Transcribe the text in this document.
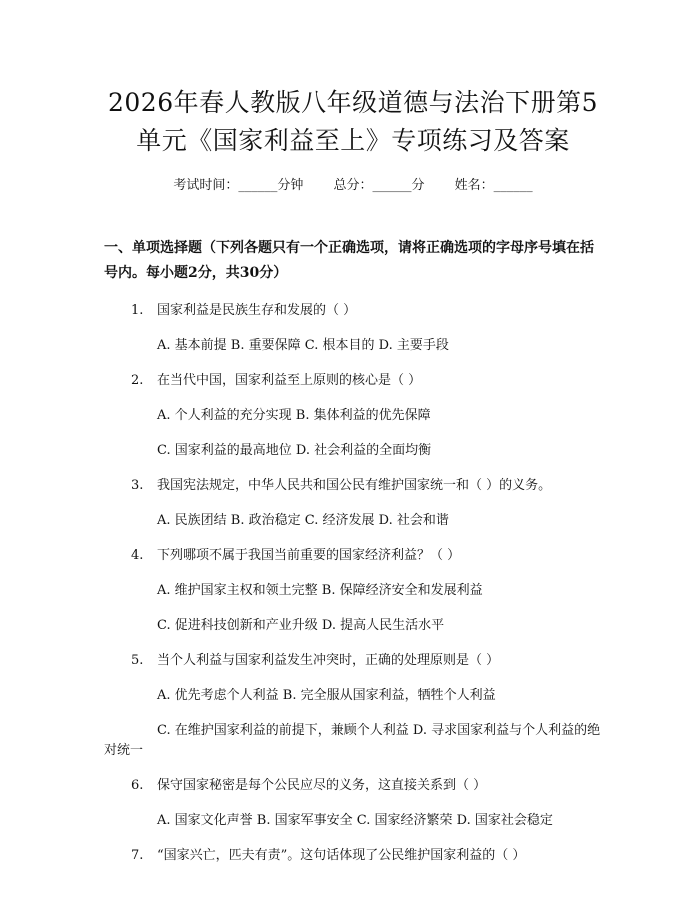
2026年春人教版八年级道德与法治下册第5单元《国家利益至上》专项练习及答案
考试时间：______分钟 总分：______分 姓名：______
一、单项选择题（下列各题只有一个正确选项，请将正确选项的字母序号填在括号内。每小题2分，共30分）
1. 国家利益是民族生存和发展的（ ）
A. 基本前提 B. 重要保障 C. 根本目的 D. 主要手段
2. 在当代中国，国家利益至上原则的核心是（ ）
A. 个人利益的充分实现 B. 集体利益的优先保障
C. 国家利益的最高地位 D. 社会利益的全面均衡
3. 我国宪法规定，中华人民共和国公民有维护国家统一和（ ）的义务。
A. 民族团结 B. 政治稳定 C. 经济发展 D. 社会和谐
4. 下列哪项不属于我国当前重要的国家经济利益？（ ）
A. 维护国家主权和领土完整 B. 保障经济安全和发展利益
C. 促进科技创新和产业升级 D. 提高人民生活水平
5. 当个人利益与国家利益发生冲突时，正确的处理原则是（ ）
A. 优先考虑个人利益 B. 完全服从国家利益，牺牲个人利益
C. 在维护国家利益的前提下，兼顾个人利益 D. 寻求国家利益与个人利益的绝对统一
6. 保守国家秘密是每个公民应尽的义务，这直接关系到（ ）
A. 国家文化声誉 B. 国家军事安全 C. 国家经济繁荣 D. 国家社会稳定
7. “国家兴亡，匹夫有责”。这句话体现了公民维护国家利益的（ ）
